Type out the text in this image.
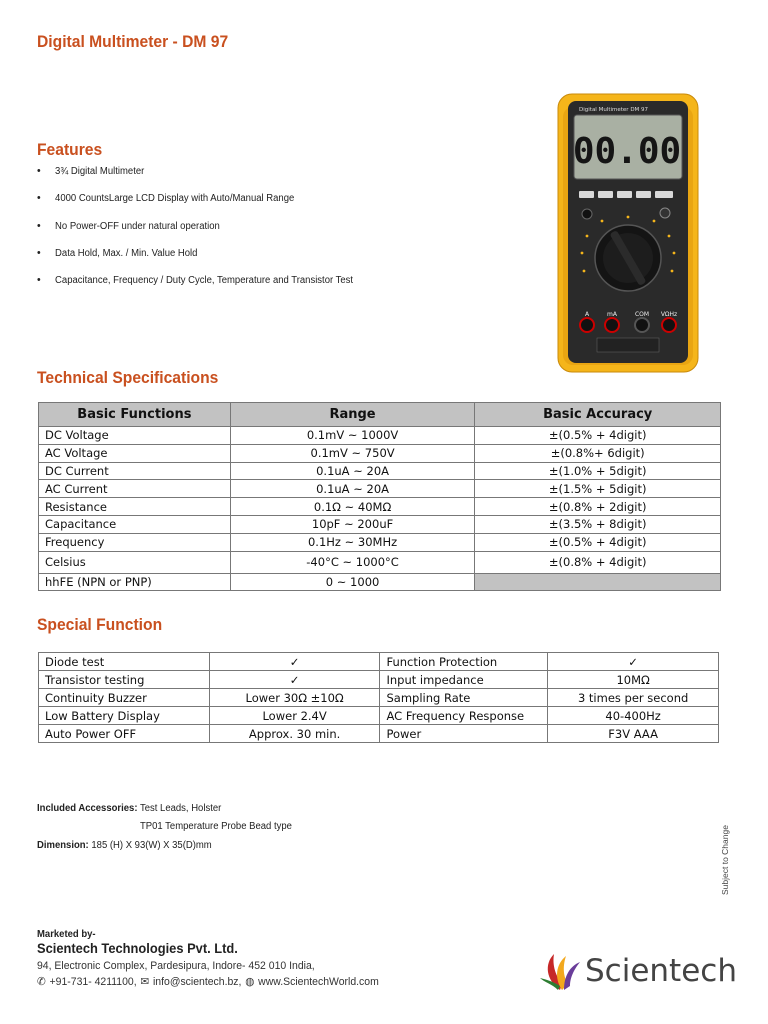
Digital Multimeter - DM 97
Features
• 3¾ Digital Multimeter
• 4000 CountsLarge LCD Display with Auto/Manual Range
• No Power-OFF under natural operation
• Data Hold, Max. / Min. Value Hold
• Capacitance, Frequency / Duty Cycle, Temperature and Transistor Test
Digital Multimeter DM 97
00.00
A	mA	COM VΩHz
Technical Specifications
Basic Functions	Range	Basic Accuracy
DC Voltage	0.1mV ~ 1000V	±(0.5% + 4digit)
AC Voltage	0.1mV ~ 750V	±(0.8%+ 6digit)
DC Current	0.1uA ~ 20A	±(1.0% + 5digit)
AC Current	0.1uA ~ 20A	±(1.5% + 5digit)
Resistance	0.1Ω ~ 40MΩ	±(0.8% + 2digit)
Capacitance	10pF ~ 200uF	±(3.5% + 8digit)
Frequency	0.1Hz ~ 30MHz	±(0.5% + 4digit)
Celsius	-40°C ~ 1000°C	±(0.8% + 4digit)
hhFE (NPN or PNP)	0 ~ 1000	
Special Function
Diode test	✓	Function Protection	✓
Transistor testing	✓	Input impedance	10MΩ
Continuity Buzzer	Lower 30Ω ±10Ω	Sampling Rate	3 times per second
Low Battery Display	Lower 2.4V	AC Frequency Response	40-400Hz
Auto Power OFF	Approx. 30 min.	Power	F3V AAA
Included Accessories: Test Leads, Holster
TP01 Temperature Probe Bead type
Dimension: 185 (H) X 93(W) X 35(D)mm	Subject to Change
Marketed by-
Scientech Technologies Pvt. Ltd.
94, Electronic Complex, Pardesipura, Indore- 452 010 India,
✆ +91-731- 4211100, ✉ info@scientech.bz, ◍ www.ScientechWorld.com	Scientech
